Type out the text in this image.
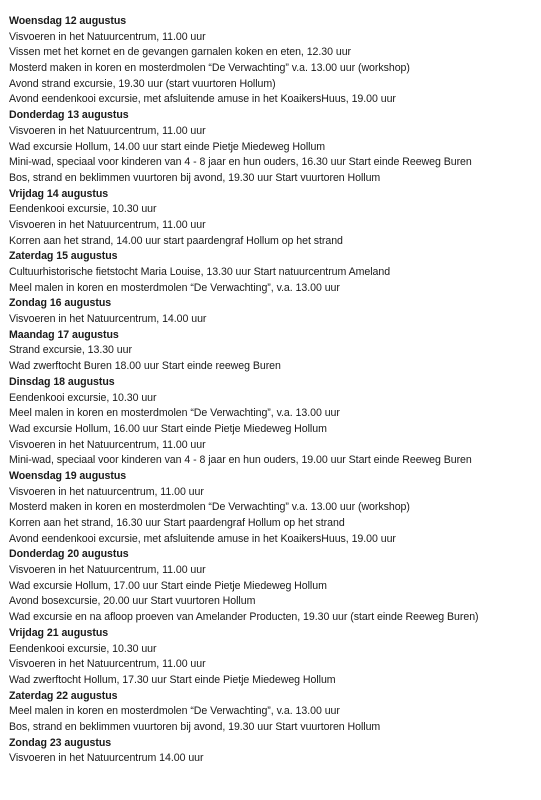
Woensdag 12 augustus
Visvoeren in het Natuurcentrum, 11.00 uur
Vissen met het kornet en de gevangen garnalen koken en eten, 12.30 uur
Mosterd maken in koren en mosterdmolen “De Verwachting” v.a. 13.00 uur (workshop)
Avond strand excursie, 19.30 uur (start vuurtoren Hollum)
Avond eendenkooi excursie, met afsluitende amuse in het KoaikersHuus, 19.00 uur
Donderdag 13 augustus
Visvoeren in het Natuurcentrum, 11.00 uur
Wad excursie Hollum, 14.00 uur start einde Pietje Miedeweg Hollum
Mini-wad, speciaal voor kinderen van 4 - 8 jaar en hun ouders, 16.30 uur Start einde Reeweg Buren
Bos, strand en beklimmen vuurtoren bij avond, 19.30 uur Start vuurtoren Hollum
Vrijdag 14 augustus
Eendenkooi excursie, 10.30 uur
Visvoeren in het Natuurcentrum, 11.00 uur
Korren aan het strand, 14.00 uur start paardengraf Hollum op het strand
Zaterdag 15 augustus
Cultuurhistorische fietstocht Maria Louise, 13.30 uur Start natuurcentrum Ameland
Meel malen in koren en mosterdmolen “De Verwachting”, v.a. 13.00 uur
Zondag 16 augustus
Visvoeren in het Natuurcentrum, 14.00 uur
Maandag 17 augustus
Strand excursie, 13.30 uur
Wad zwerftocht Buren 18.00 uur Start einde reeweg Buren
Dinsdag 18 augustus
Eendenkooi excursie, 10.30 uur
Meel malen in koren en mosterdmolen “De Verwachting”, v.a. 13.00 uur
Wad excursie Hollum, 16.00 uur Start einde Pietje Miedeweg Hollum
Visvoeren in het Natuurcentrum, 11.00 uur
Mini-wad, speciaal voor kinderen van 4 - 8 jaar en hun ouders, 19.00 uur Start einde Reeweg Buren
Woensdag 19 augustus
Visvoeren in het natuurcentrum, 11.00 uur
Mosterd maken in koren en mosterdmolen “De Verwachting” v.a. 13.00 uur (workshop)
Korren aan het strand, 16.30 uur Start paardengraf Hollum op het strand
Avond eendenkooi excursie, met afsluitende amuse in het KoaikersHuus, 19.00 uur
Donderdag 20 augustus
Visvoeren in het Natuurcentrum, 11.00 uur
Wad excursie Hollum, 17.00 uur Start einde Pietje Miedeweg Hollum
Avond bosexcursie, 20.00 uur Start vuurtoren Hollum
Wad excursie en na afloop proeven van Amelander Producten, 19.30 uur (start einde Reeweg Buren)
Vrijdag 21 augustus
Eendenkooi excursie, 10.30 uur
Visvoeren in het Natuurcentrum, 11.00 uur
Wad zwerftocht Hollum, 17.30 uur Start einde Pietje Miedeweg Hollum
Zaterdag 22 augustus
Meel malen in koren en mosterdmolen “De Verwachting”, v.a. 13.00 uur
Bos, strand en beklimmen vuurtoren bij avond, 19.30 uur Start vuurtoren Hollum
Zondag 23 augustus
Visvoeren in het Natuurcentrum 14.00 uur
